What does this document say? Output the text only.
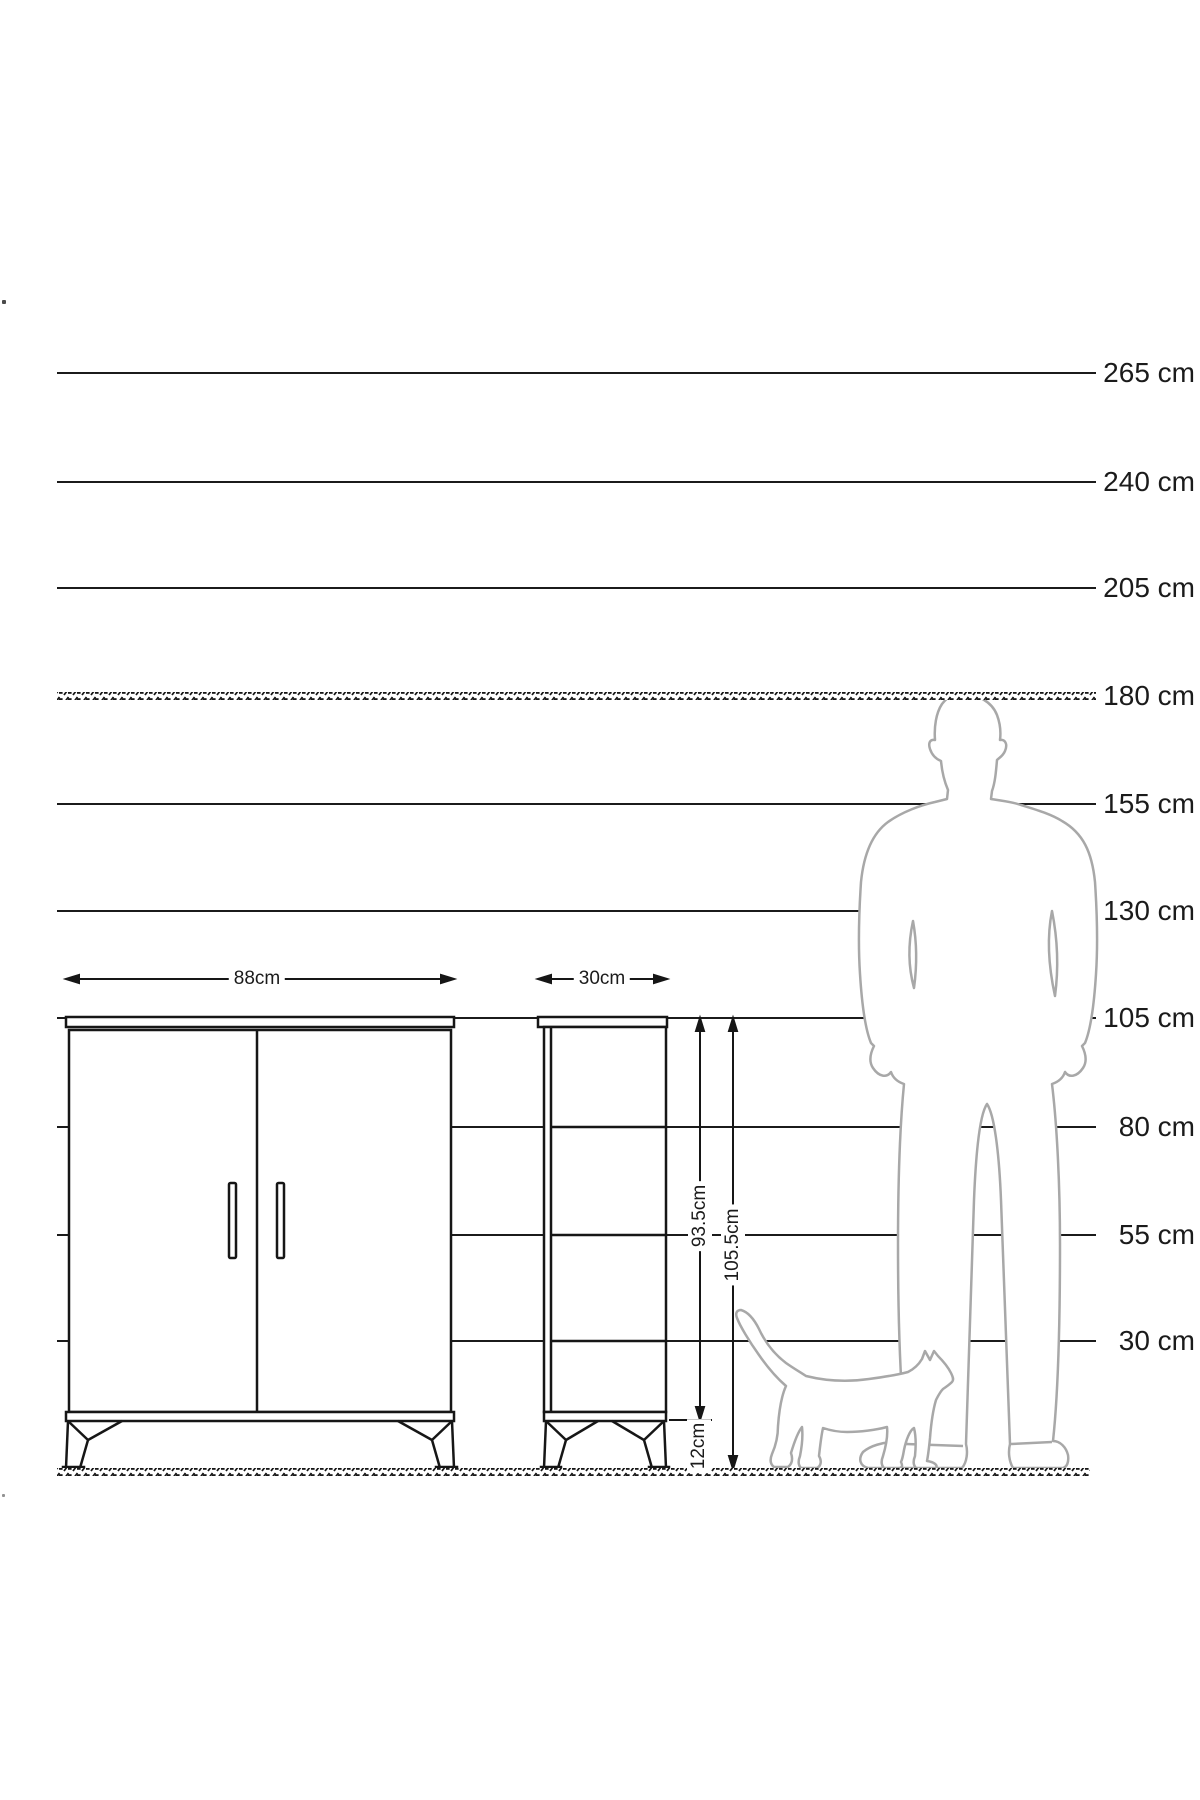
265 cm
240 cm
205 cm
180 cm
155 cm
130 cm
105 cm
80 cm
55 cm
30 cm
88cm	30cm
93.5cm 105.5cm
12cm
